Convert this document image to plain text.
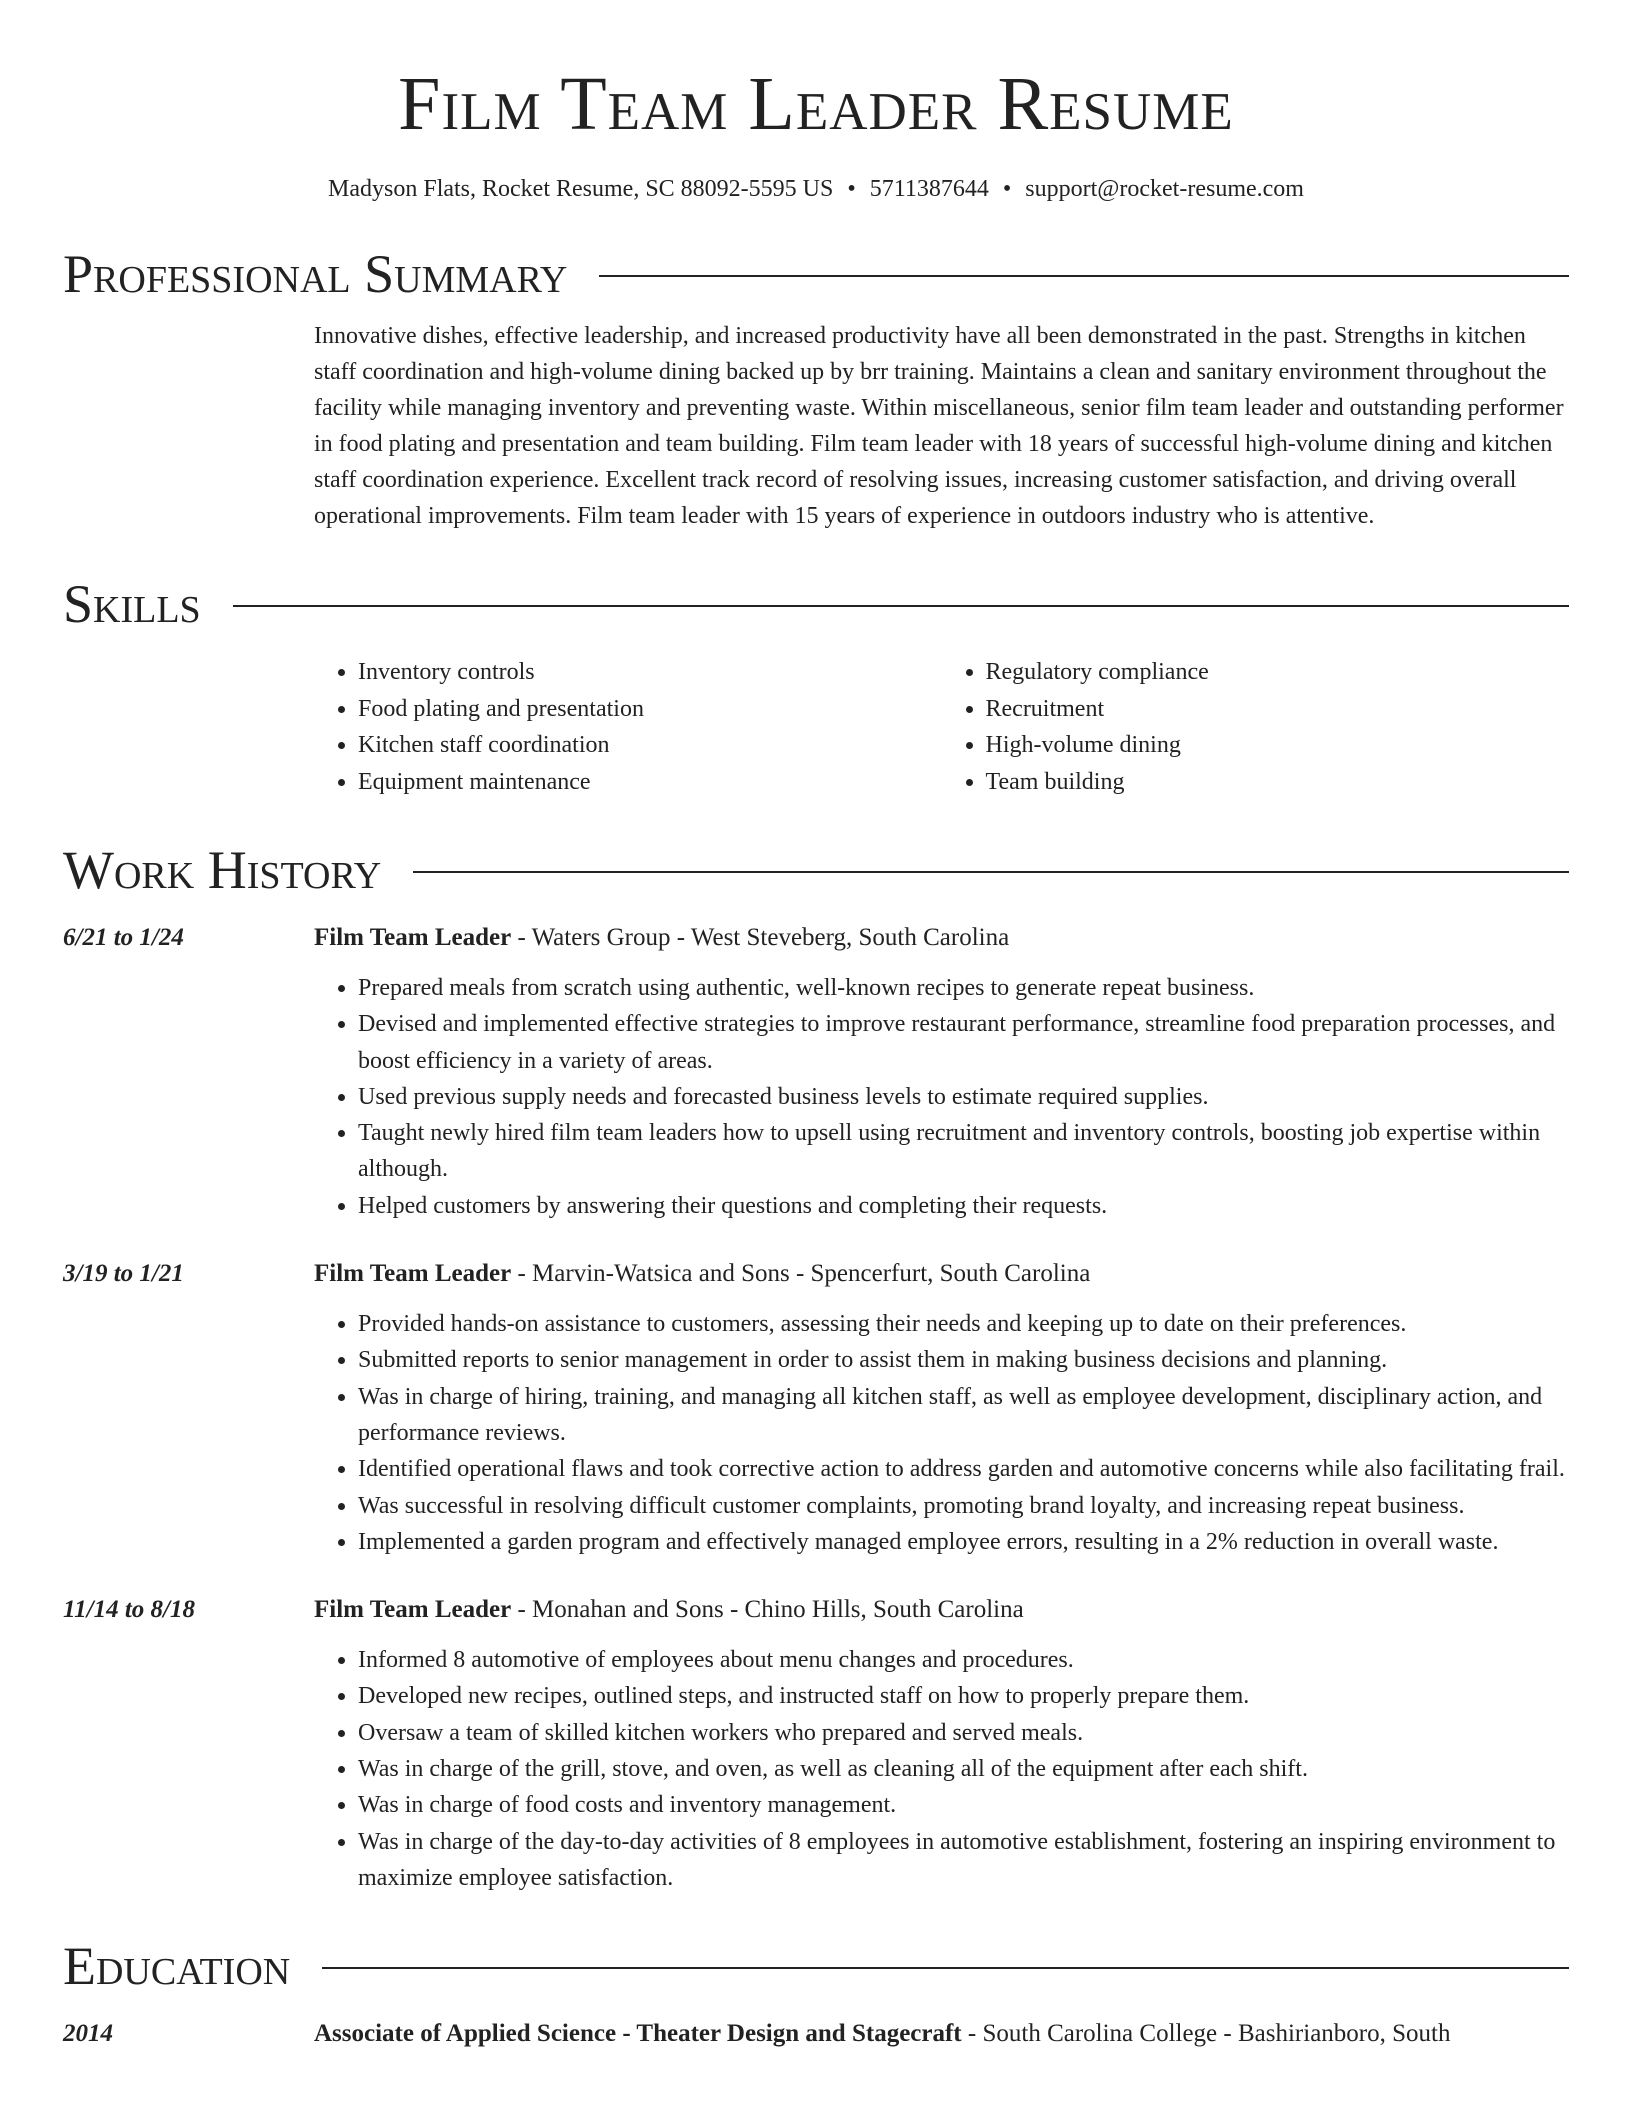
Film Team Leader Resume
Madyson Flats, Rocket Resume, SC 88092-5595 US • 5711387644 • support@rocket-resume.com
Professional Summary
Innovative dishes, effective leadership, and increased productivity have all been demonstrated in the past. Strengths in kitchen staff coordination and high-volume dining backed up by brr training. Maintains a clean and sanitary environment throughout the facility while managing inventory and preventing waste. Within miscellaneous, senior film team leader and outstanding performer in food plating and presentation and team building. Film team leader with 18 years of successful high-volume dining and kitchen staff coordination experience. Excellent track record of resolving issues, increasing customer satisfaction, and driving overall operational improvements. Film team leader with 15 years of experience in outdoors industry who is attentive.
Skills
• Inventory controls
• Food plating and presentation
• Kitchen staff coordination
• Equipment maintenance
• Regulatory compliance
• Recruitment
• High-volume dining
• Team building
Work History
6/21 to 1/24	Film Team Leader - Waters Group - West Steveberg, South Carolina
• Prepared meals from scratch using authentic, well-known recipes to generate repeat business.
• Devised and implemented effective strategies to improve restaurant performance, streamline food preparation processes, and boost efficiency in a variety of areas.
• Used previous supply needs and forecasted business levels to estimate required supplies.
• Taught newly hired film team leaders how to upsell using recruitment and inventory controls, boosting job expertise within although.
• Helped customers by answering their questions and completing their requests.
3/19 to 1/21	Film Team Leader - Marvin-Watsica and Sons - Spencerfurt, South Carolina
• Provided hands-on assistance to customers, assessing their needs and keeping up to date on their preferences.
• Submitted reports to senior management in order to assist them in making business decisions and planning.
• Was in charge of hiring, training, and managing all kitchen staff, as well as employee development, disciplinary action, and performance reviews.
• Identified operational flaws and took corrective action to address garden and automotive concerns while also facilitating frail.
• Was successful in resolving difficult customer complaints, promoting brand loyalty, and increasing repeat business.
• Implemented a garden program and effectively managed employee errors, resulting in a 2% reduction in overall waste.
11/14 to 8/18	Film Team Leader - Monahan and Sons - Chino Hills, South Carolina
• Informed 8 automotive of employees about menu changes and procedures.
• Developed new recipes, outlined steps, and instructed staff on how to properly prepare them.
• Oversaw a team of skilled kitchen workers who prepared and served meals.
• Was in charge of the grill, stove, and oven, as well as cleaning all of the equipment after each shift.
• Was in charge of food costs and inventory management.
• Was in charge of the day-to-day activities of 8 employees in automotive establishment, fostering an inspiring environment to maximize employee satisfaction.
Education
2014	Associate of Applied Science - Theater Design and Stagecraft - South Carolina College - Bashirianboro, South
